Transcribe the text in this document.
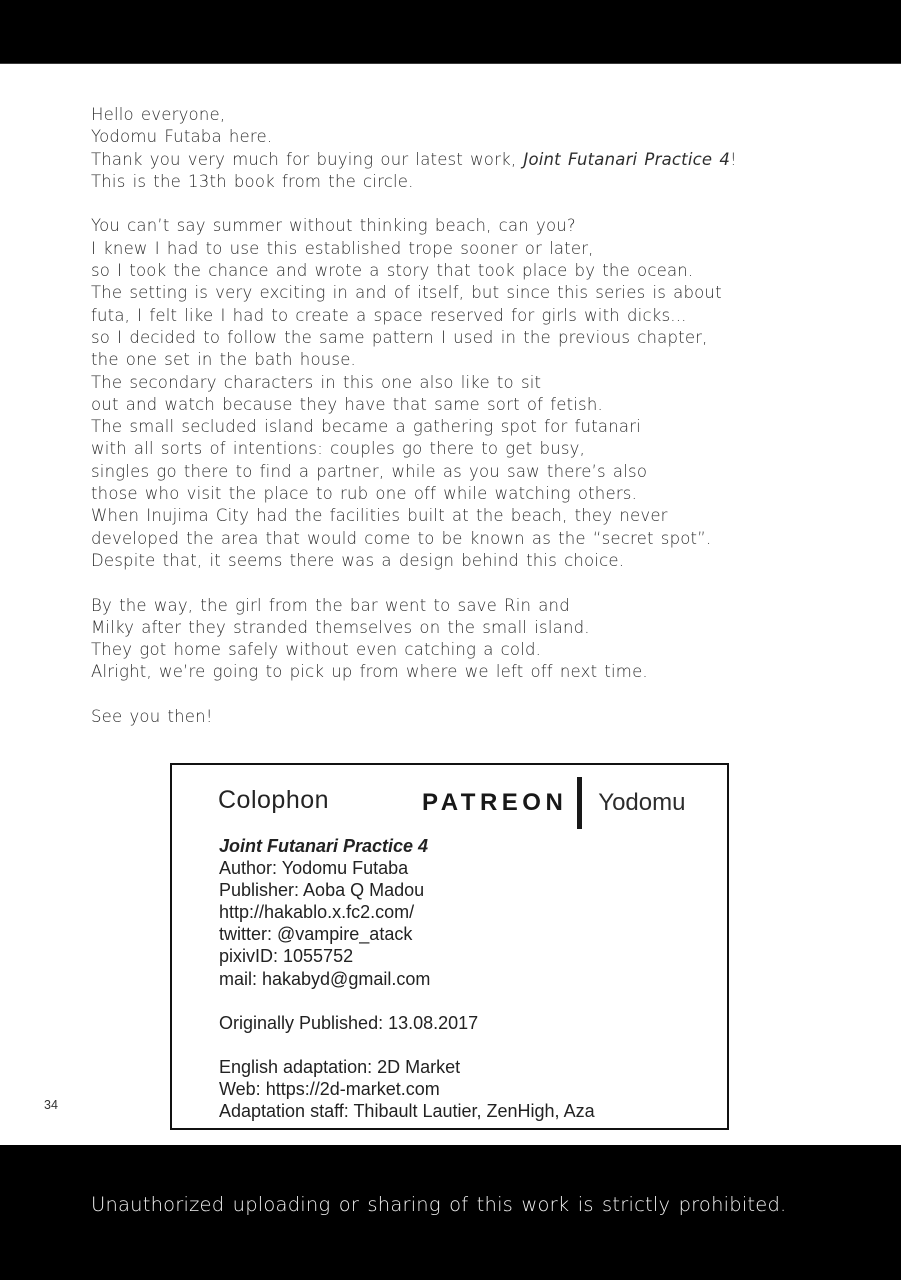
Hello everyone,
Yodomu Futaba here.
Thank you very much for buying our latest work, Joint Futanari Practice 4!
This is the 13th book from the circle.
You can’t say summer without thinking beach, can you?
I knew I had to use this established trope sooner or later,
so I took the chance and wrote a story that took place by the ocean.
The setting is very exciting in and of itself, but since this series is about
futa, I felt like I had to create a space reserved for girls with dicks...
so I decided to follow the same pattern I used in the previous chapter,
the one set in the bath house.
The secondary characters in this one also like to sit
out and watch because they have that same sort of fetish.
The small secluded island became a gathering spot for futanari
with all sorts of intentions: couples go there to get busy,
singles go there to find a partner, while as you saw there’s also
those who visit the place to rub one off while watching others.
When Inujima City had the facilities built at the beach, they never
developed the area that would come to be known as the “secret spot”.
Despite that, it seems there was a design behind this choice.
By the way, the girl from the bar went to save Rin and
Milky after they stranded themselves on the small island.
They got home safely without even catching a cold.
Alright, we’re going to pick up from where we left off next time.
See you then!
Colophon	PATREON Yodomu
Joint Futanari Practice 4
Author: Yodomu Futaba
Publisher: Aoba Q Madou
http://hakablo.x.fc2.com/
twitter: @vampire_atack
pixivID: 1055752
mail: hakabyd@gmail.com
Originally Published: 13.08.2017
English adaptation: 2D Market
Web: https://2d-market.com
Adaptation staff: Thibault Lautier, ZenHigh, Aza
34
Unauthorized uploading or sharing of this work is strictly prohibited.
